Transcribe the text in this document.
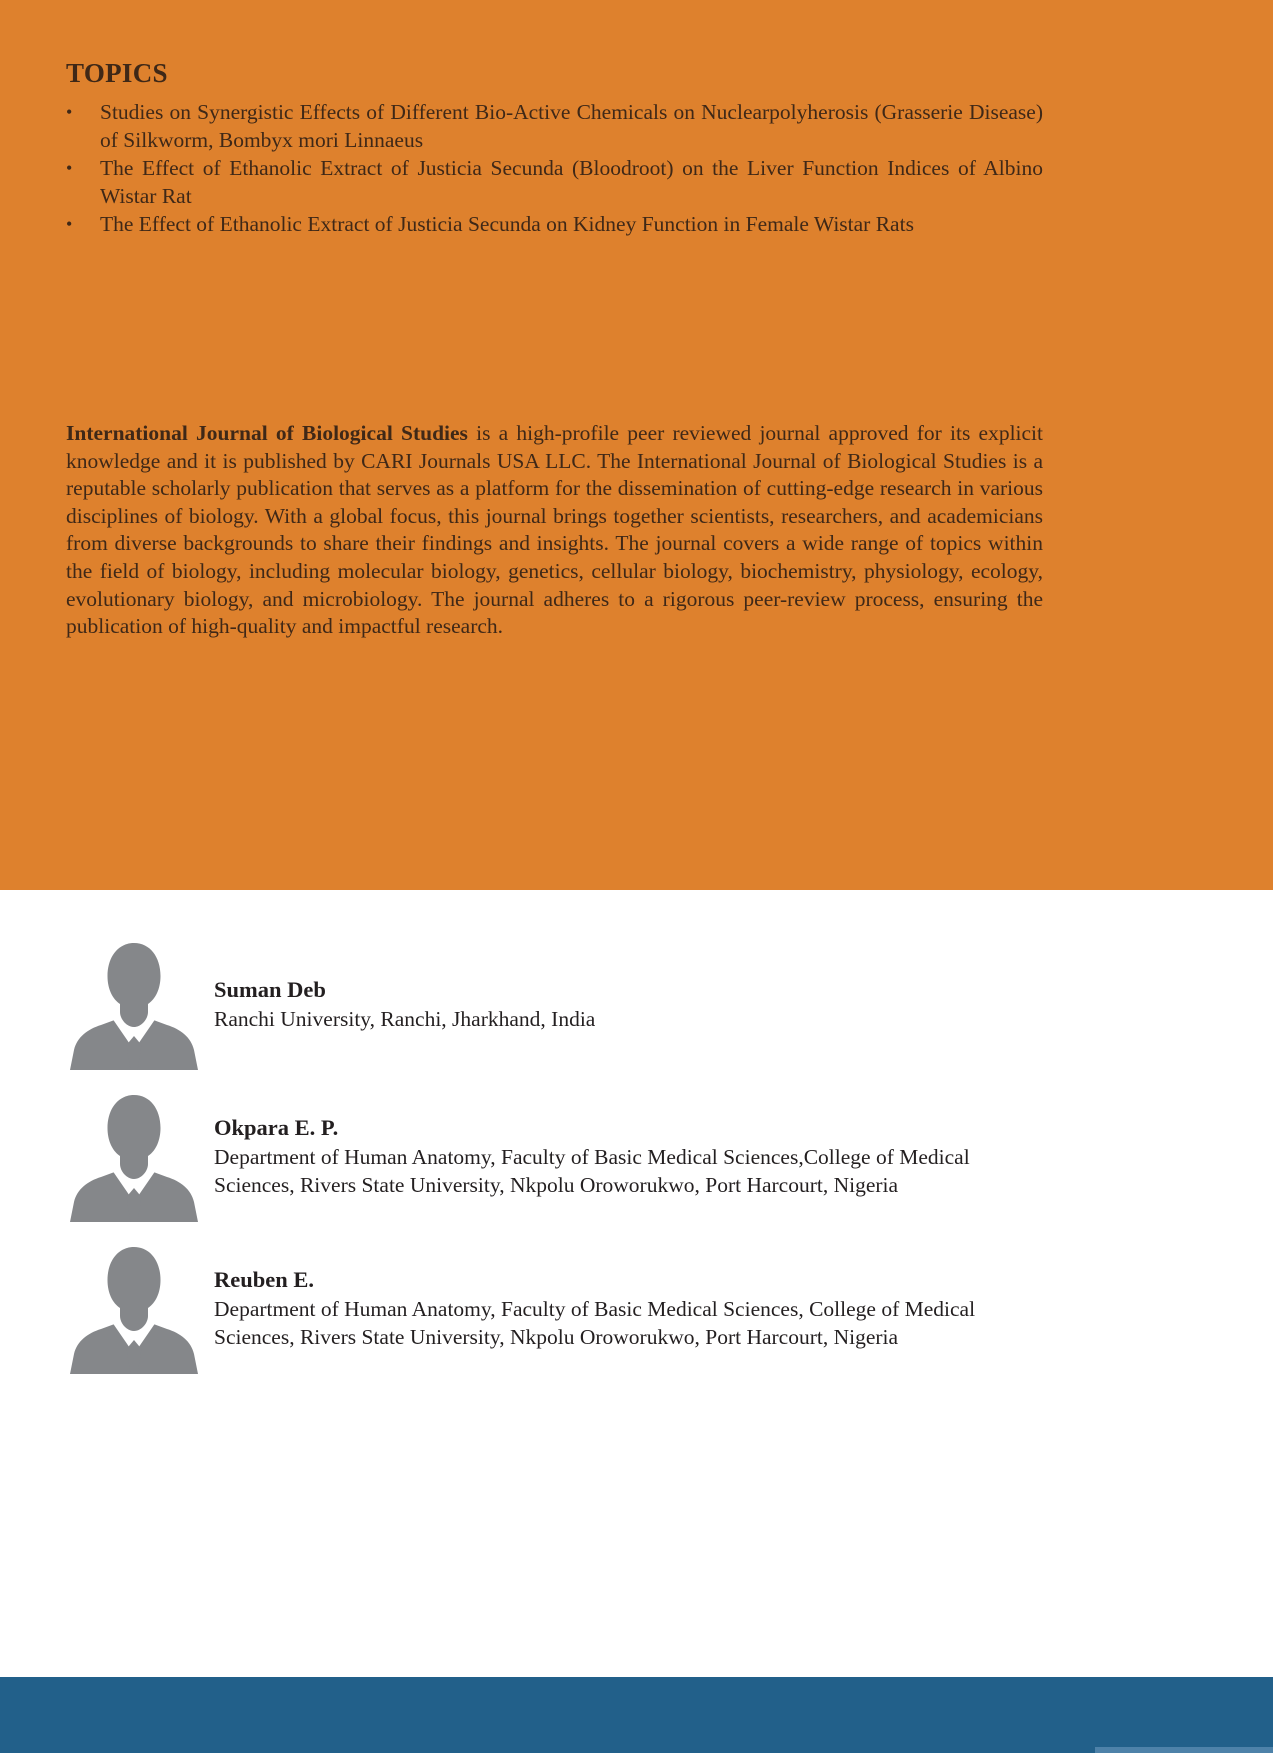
TOPICS
•	Studies on Synergistic Effects of Different Bio-Active Chemicals on Nuclearpolyherosis (Grasserie Disease) of Silkworm, Bombyx mori Linnaeus
•	The Effect of Ethanolic Extract of Justicia Secunda (Bloodroot) on the Liver Function Indices of Albino Wistar Rat
•	The Effect of Ethanolic Extract of Justicia Secunda on Kidney Function in Female Wistar Rats

International Journal of Biological Studies is a high-profile peer reviewed journal approved for its explicit knowledge and it is published by CARI Journals USA LLC. The International Journal of Biological Studies is a reputable scholarly publication that serves as a platform for the dissemination of cutting-edge research in various disciplines of biology. With a global focus, this journal brings together scientists, researchers, and academicians from diverse backgrounds to share their findings and insights. The journal covers a wide range of topics within the field of biology, including molecular biology, genetics, cellular biology, biochemistry, physiology, ecology, evolutionary biology, and microbiology. The journal adheres to a rigorous peer-review process, ensuring the publication of high-quality and impactful research.

Suman Deb

Ranchi University, Ranchi, Jharkhand, India

Okpara E. P.

Department of Human Anatomy, Faculty of Basic Medical Sciences,College of Medical Sciences, Rivers State University, Nkpolu Oroworukwo, Port Harcourt, Nigeria

Reuben E.

Department of Human Anatomy, Faculty of Basic Medical Sciences, College of Medical Sciences, Rivers State University, Nkpolu Oroworukwo, Port Harcourt, Nigeria
